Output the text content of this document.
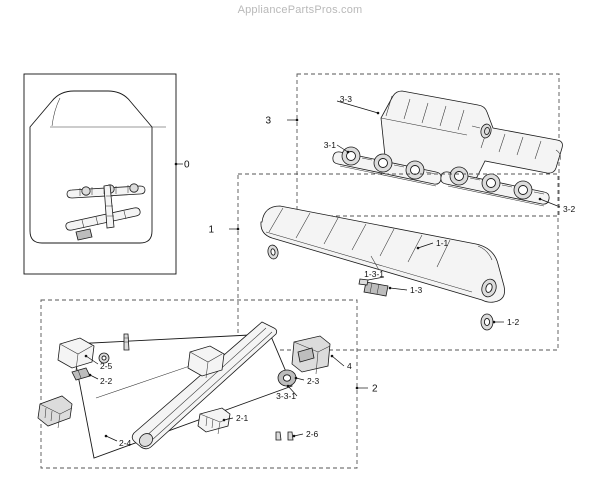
AppliancePartsPros.com
0
3
3-3
3-1
3-2
1
1-1
1-2
1-3
1-3-1
2
2-1
2-2	2-3
2-4
2-5
2-6
3-3-1
4
